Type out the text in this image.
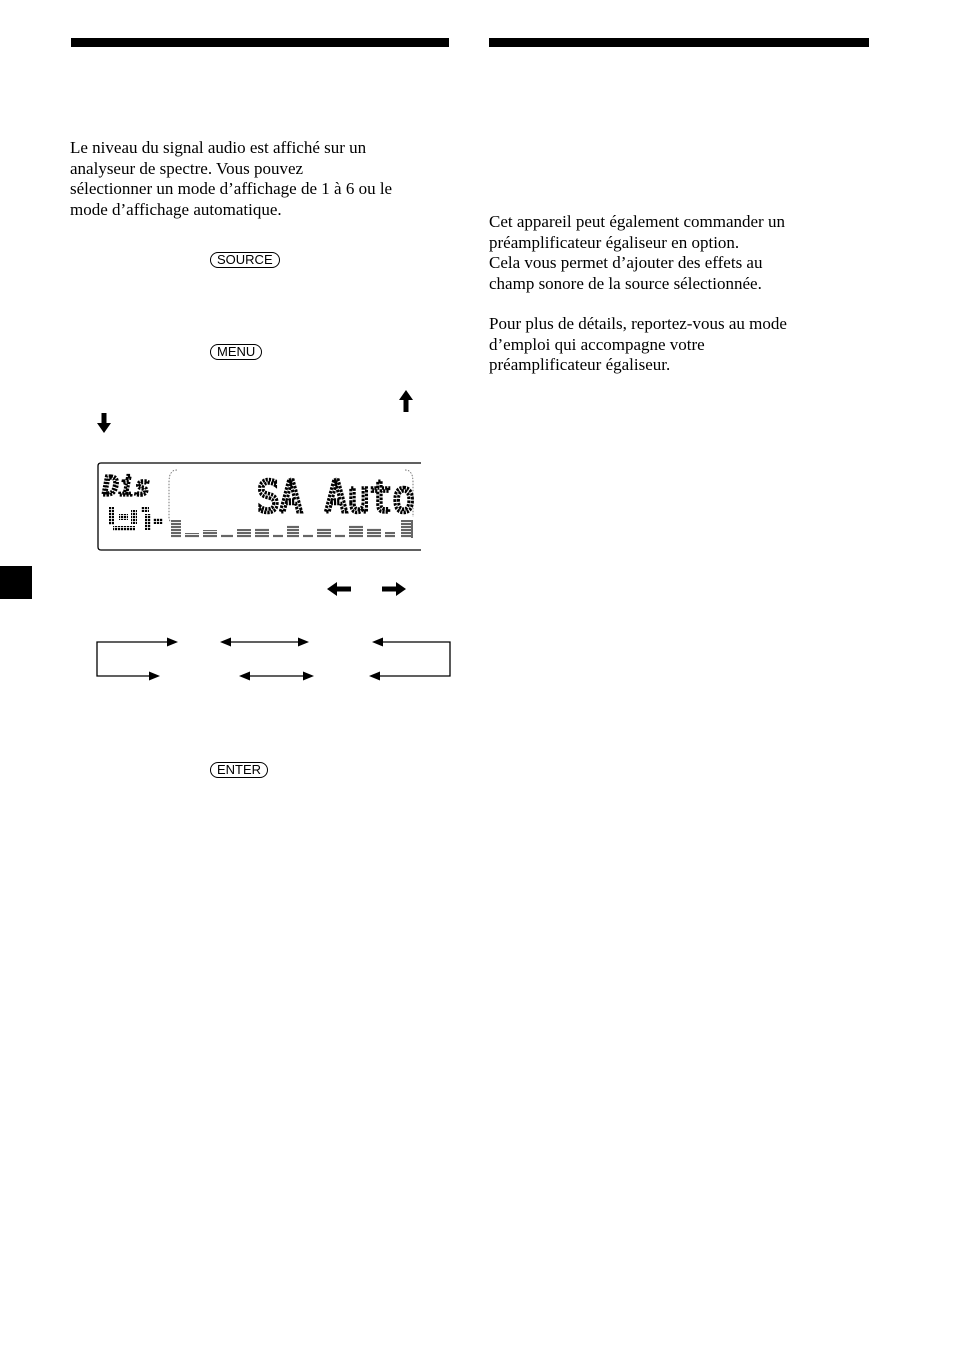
Le niveau du signal audio est affiché sur un
analyseur de spectre. Vous pouvez
sélectionner un mode d’affichage de 1 à 6 ou le
mode d’affichage automatique.

SOURCE
MENU
ENTER
Dis SA Auto

Cet appareil peut également commander un
préamplificateur égaliseur en option.
Cela vous permet d’ajouter des effets au
champ sonore de la source sélectionnée.

Pour plus de détails, reportez-vous au mode
d’emploi qui accompagne votre
préamplificateur égaliseur.
